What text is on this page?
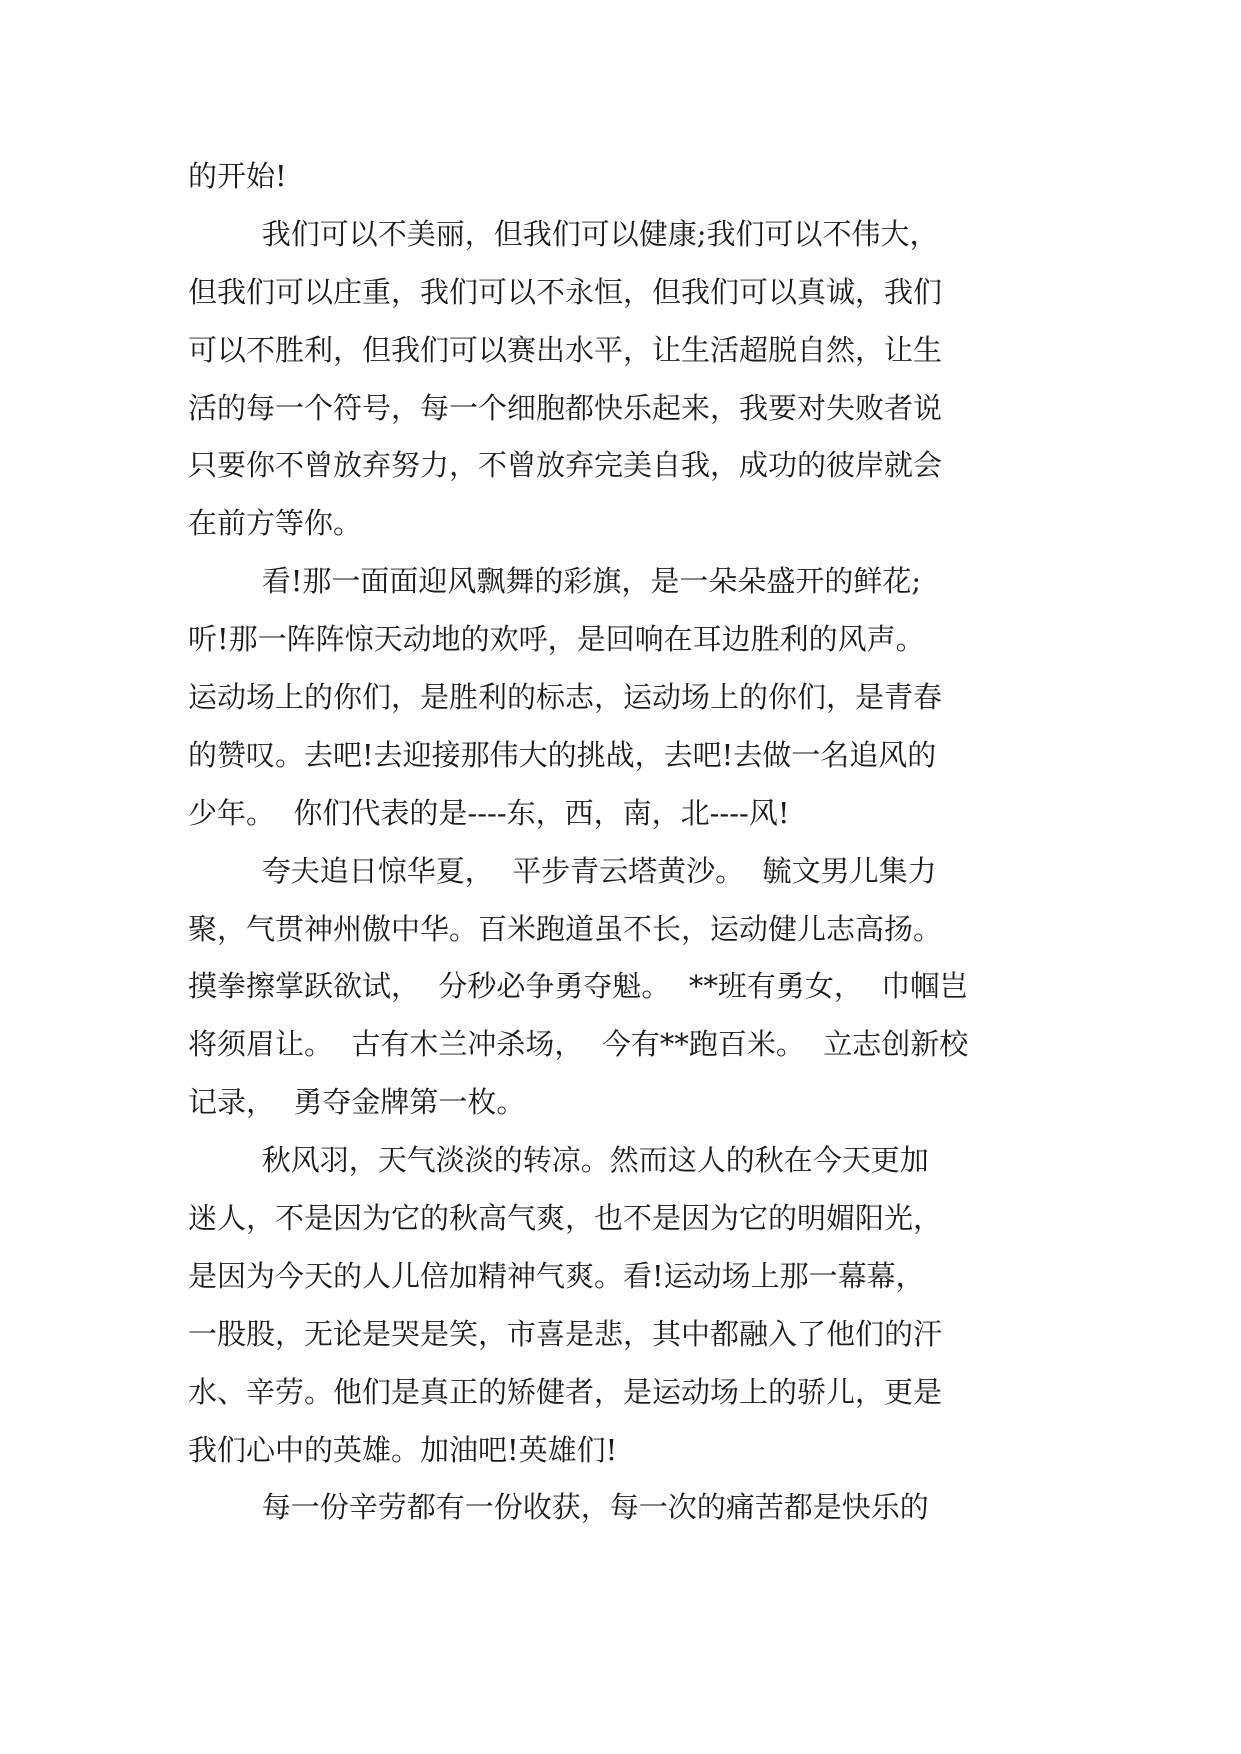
的开始!
我们可以不美丽，但我们可以健康;我们可以不伟大，
但我们可以庄重，我们可以不永恒，但我们可以真诚，我们
可以不胜利，但我们可以赛出水平，让生活超脱自然，让生
活的每一个符号，每一个细胞都快乐起来，我要对失败者说
只要你不曾放弃努力，不曾放弃完美自我，成功的彼岸就会
在前方等你。
看!那一面面迎风飘舞的彩旗，是一朵朵盛开的鲜花;
听!那一阵阵惊天动地的欢呼，是回响在耳边胜利的风声。
运动场上的你们，是胜利的标志，运动场上的你们，是青春
的赞叹。去吧!去迎接那伟大的挑战，去吧!去做一名追风的
少年。  你们代表的是----东，西，南，北----风!
夸夫追日惊华夏，  平步青云塔黄沙。  毓文男儿集力
聚，气贯神州傲中华。百米跑道虽不长，运动健儿志高扬。
摸拳擦掌跃欲试，  分秒必争勇夺魁。  **班有勇女，  巾帼岂
将须眉让。  古有木兰冲杀场，  今有**跑百米。  立志创新校
记录，  勇夺金牌第一枚。
秋风羽，天气淡淡的转凉。然而这人的秋在今天更加
迷人，不是因为它的秋高气爽，也不是因为它的明媚阳光，
是因为今天的人儿倍加精神气爽。看!运动场上那一幕幕，
一股股，无论是哭是笑，市喜是悲，其中都融入了他们的汗
水、辛劳。他们是真正的矫健者，是运动场上的骄儿，更是
我们心中的英雄。加油吧!英雄们!
每一份辛劳都有一份收获，每一次的痛苦都是快乐的
